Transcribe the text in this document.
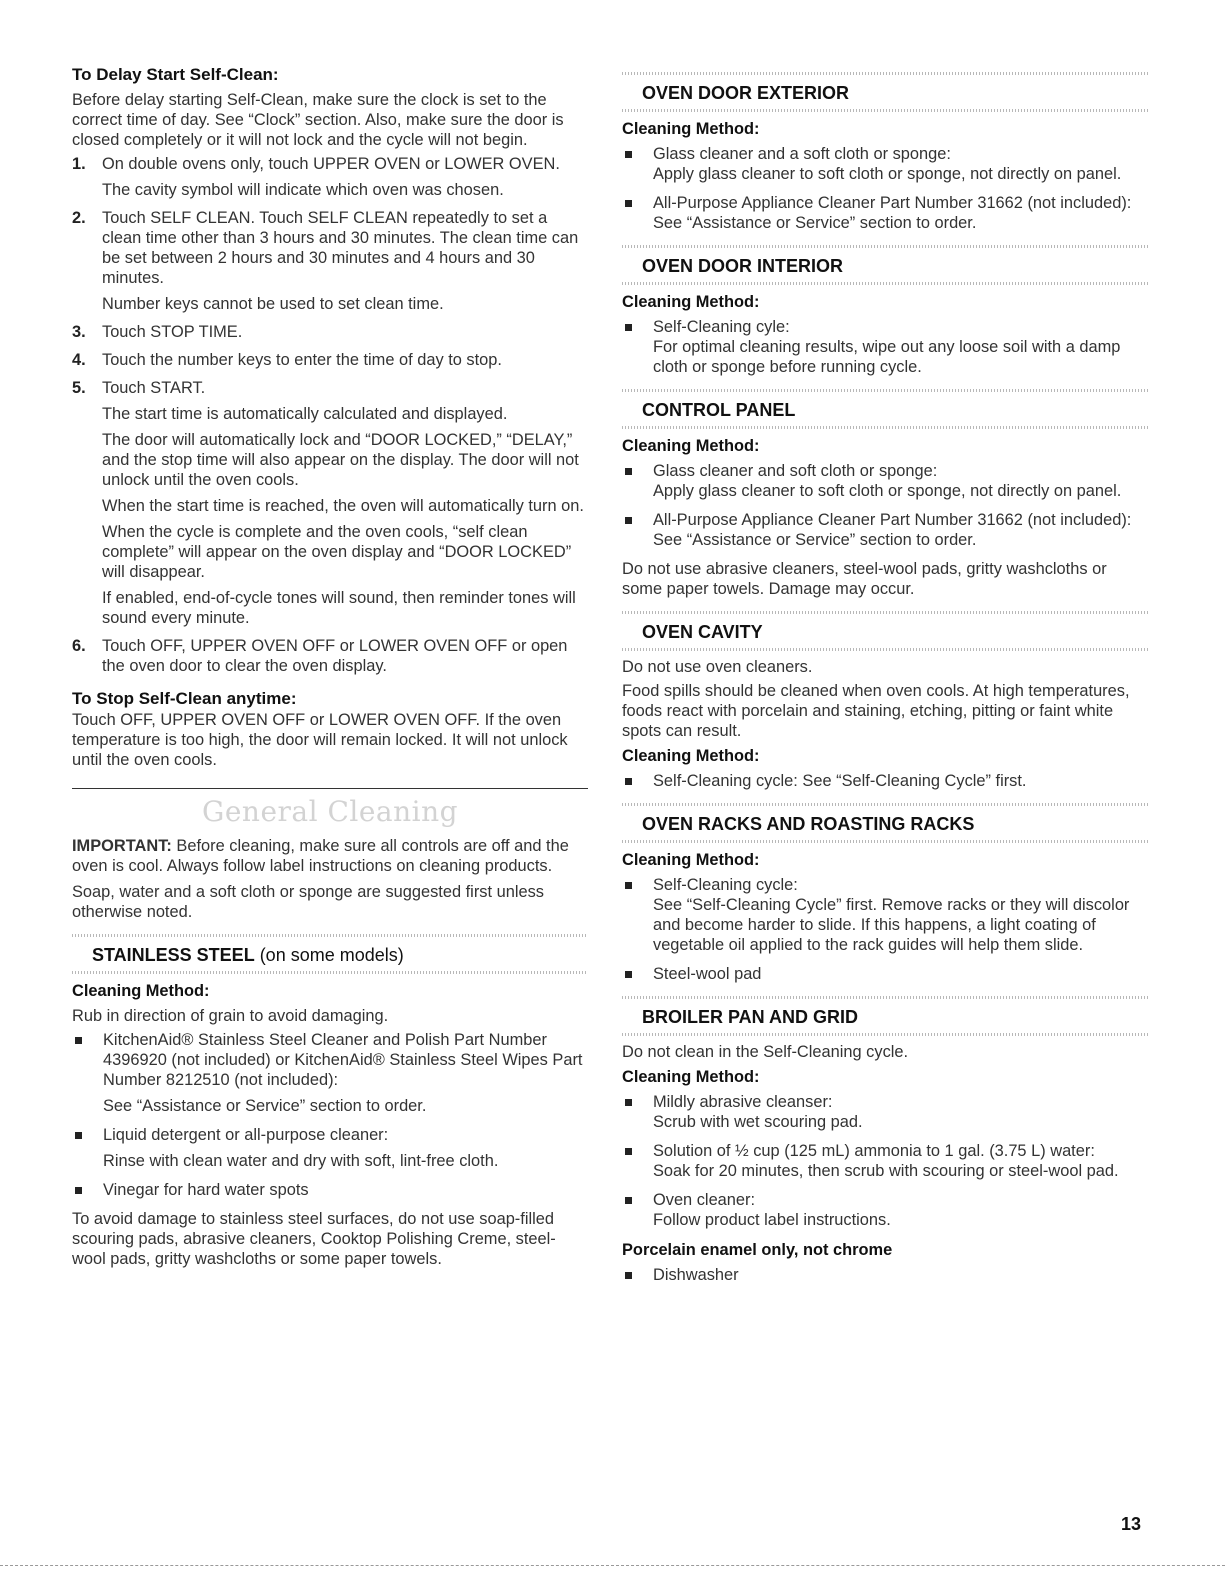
To Delay Start Self-Clean:

Before delay starting Self-Clean, make sure the clock is set to the correct time of day. See “Clock” section. Also, make sure the door is closed completely or it will not lock and the cycle will not begin.

1. On double ovens only, touch UPPER OVEN or LOWER OVEN.
The cavity symbol will indicate which oven was chosen.
2. Touch SELF CLEAN. Touch SELF CLEAN repeatedly to set a clean time other than 3 hours and 30 minutes. The clean time can be set between 2 hours and 30 minutes and 4 hours and 30 minutes.
Number keys cannot be used to set clean time.
3. Touch STOP TIME.
4. Touch the number keys to enter the time of day to stop.
5. Touch START.
The start time is automatically calculated and displayed.
The door will automatically lock and “DOOR LOCKED,” “DELAY,” and the stop time will also appear on the display. The door will not unlock until the oven cools.
When the start time is reached, the oven will automatically turn on.
When the cycle is complete and the oven cools, “self clean complete” will appear on the oven display and “DOOR LOCKED” will disappear.
If enabled, end-of-cycle tones will sound, then reminder tones will sound every minute.
6. Touch OFF, UPPER OVEN OFF or LOWER OVEN OFF or open the oven door to clear the oven display.
To Stop Self-Clean anytime:

Touch OFF, UPPER OVEN OFF or LOWER OVEN OFF. If the oven temperature is too high, the door will remain locked. It will not unlock until the oven cools.

General Cleaning

IMPORTANT: Before cleaning, make sure all controls are off and the oven is cool. Always follow label instructions on cleaning products.

Soap, water and a soft cloth or sponge are suggested first unless otherwise noted.

STAINLESS STEEL (on some models)
Cleaning Method:

Rub in direction of grain to avoid damaging.

KitchenAid® Stainless Steel Cleaner and Polish Part Number 4396920 (not included) or KitchenAid® Stainless Steel Wipes Part Number 8212510 (not included):
See “Assistance or Service” section to order.
Liquid detergent or all-purpose cleaner:
Rinse with clean water and dry with soft, lint-free cloth.
Vinegar for hard water spots

To avoid damage to stainless steel surfaces, do not use soap-filled scouring pads, abrasive cleaners, Cooktop Polishing Creme, steel-wool pads, gritty washcloths or some paper towels.

OVEN DOOR EXTERIOR
Cleaning Method:
Glass cleaner and a soft cloth or sponge:
Apply glass cleaner to soft cloth or sponge, not directly on panel.
All-Purpose Appliance Cleaner Part Number 31662 (not included):
See “Assistance or Service” section to order.
OVEN DOOR INTERIOR
Cleaning Method:
Self-Cleaning cyle:
For optimal cleaning results, wipe out any loose soil with a damp cloth or sponge before running cycle.
CONTROL PANEL
Cleaning Method:
Glass cleaner and soft cloth or sponge:
Apply glass cleaner to soft cloth or sponge, not directly on panel.
All-Purpose Appliance Cleaner Part Number 31662 (not included):
See “Assistance or Service” section to order.

Do not use abrasive cleaners, steel-wool pads, gritty washcloths or some paper towels. Damage may occur.

OVEN CAVITY

Do not use oven cleaners.

Food spills should be cleaned when oven cools. At high temperatures, foods react with porcelain and staining, etching, pitting or faint white spots can result.

Cleaning Method:
Self-Cleaning cycle: See “Self-Cleaning Cycle” first.
OVEN RACKS AND ROASTING RACKS
Cleaning Method:
Self-Cleaning cycle:
See “Self-Cleaning Cycle” first. Remove racks or they will discolor and become harder to slide. If this happens, a light coating of vegetable oil applied to the rack guides will help them slide.
Steel-wool pad
BROILER PAN AND GRID

Do not clean in the Self-Cleaning cycle.

Cleaning Method:
Mildly abrasive cleanser:
Scrub with wet scouring pad.
Solution of ½ cup (125 mL) ammonia to 1 gal. (3.75 L) water:
Soak for 20 minutes, then scrub with scouring or steel-wool pad.
Oven cleaner:
Follow product label instructions.
Porcelain enamel only, not chrome
Dishwasher
13
